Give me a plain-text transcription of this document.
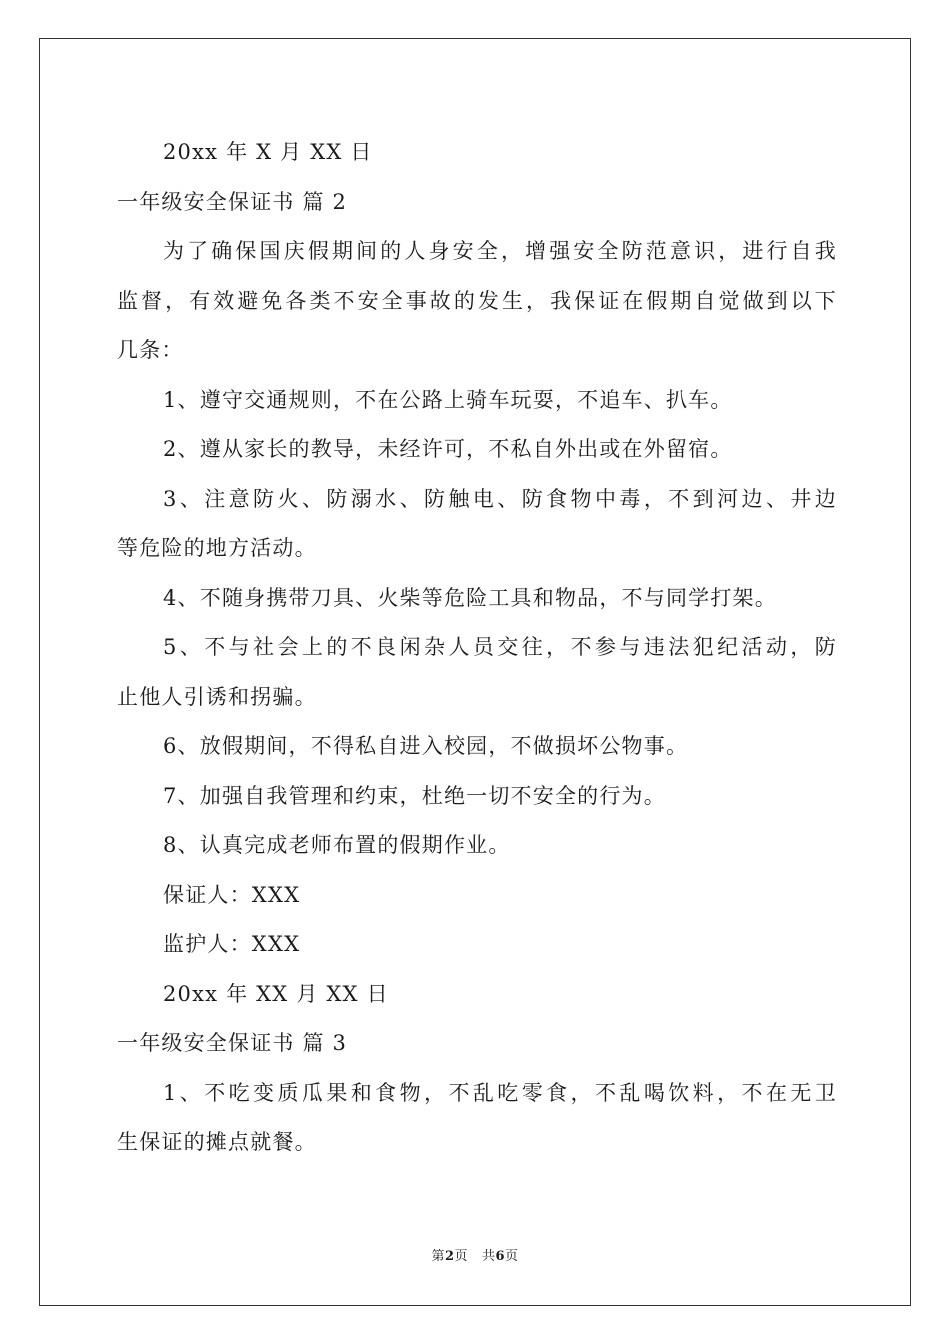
20xx 年 X 月 XX 日
一年级安全保证书 篇 2
为了确保国庆假期间的人身安全，增强安全防范意识，进行自我
监督，有效避免各类不安全事故的发生，我保证在假期自觉做到以下
几条：
1、遵守交通规则，不在公路上骑车玩耍，不追车、扒车。
2、遵从家长的教导，未经许可，不私自外出或在外留宿。
3、注意防火、防溺水、防触电、防食物中毒，不到河边、井边
等危险的地方活动。
4、不随身携带刀具、火柴等危险工具和物品，不与同学打架。
5、不与社会上的不良闲杂人员交往，不参与违法犯纪活动，防
止他人引诱和拐骗。
6、放假期间，不得私自进入校园，不做损坏公物事。
7、加强自我管理和约束，杜绝一切不安全的行为。
8、认真完成老师布置的假期作业。
保证人：XXX
监护人：XXX
20xx 年 XX 月 XX 日
一年级安全保证书 篇 3
1、不吃变质瓜果和食物，不乱吃零食，不乱喝饮料，不在无卫
生保证的摊点就餐。
第2页 共6页
